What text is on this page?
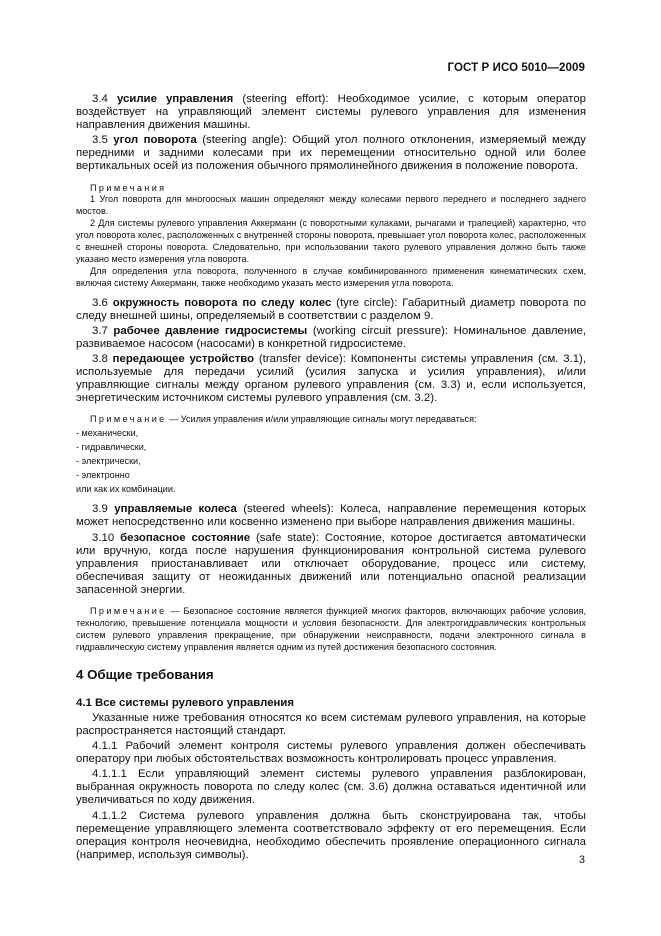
ГОСТ Р ИСО 5010—2009

3.4 усилие управления (steering effort): Необходимое усилие, с которым оператор воздействует на управляющий элемент системы рулевого управления для изменения направления движения машины.

3.5 угол поворота (steering angle): Общий угол полного отклонения, измеряемый между передними и задними колесами при их перемещении относительно одной или более вертикальных осей из положения обычного прямолинейного движения в положение поворота.

Примечания

1 Угол поворота для многоосных машин определяют между колесами первого переднего и последнего заднего мостов.

2 Для системы рулевого управления Аккерманн (с поворотными кулаками, рычагами и трапецией) характерно, что угол поворота колес, расположенных с внутренней стороны поворота, превышает угол поворота колес, расположенных с внешней стороны поворота. Следовательно, при использовании такого рулевого управления должно быть также указано место измерения угла поворота.

Для определения угла поворота, полученного в случае комбинированного применения кинематических схем, включая систему Аккерманн, также необходимо указать место измерения угла поворота.

3.6 окружность поворота по следу колес (tyre circle): Габаритный диаметр поворота по следу внешней шины, определяемый в соответствии с разделом 9.

3.7 рабочее давление гидросистемы (working circuit pressure): Номинальное давление, развиваемое насосом (насосами) в конкретной гидросистеме.

3.8 передающее устройство (transfer device): Компоненты системы управления (см. 3.1), используемые для передачи усилий (усилия запуска и усилия управления), и/или управляющие сигналы между органом рулевого управления (см. 3.3) и, если используется, энергетическим источником системы рулевого управления (см. 3.2).

Примечание — Усилия управления и/или управляющие сигналы могут передаваться:

- механически,

- гидравлически,

- электрически,

- электронно

или как их комбинации.

3.9 управляемые колеса (steered wheels): Колеса, направление перемещения которых может непосредственно или косвенно изменено при выборе направления движения машины.

3.10 безопасное состояние (safe state): Состояние, которое достигается автоматически или вручную, когда после нарушения функционирования контрольной система рулевого управления приостанавливает или отключает оборудование, процесс или систему, обеспечивая защиту от неожиданных движений или потенциально опасной реализации запасенной энергии.

Примечание — Безопасное состояние является функцией многих факторов, включающих рабочие условия, технологию, превышение потенциала мощности и условия безопасности. Для электрогидравлических контрольных систем рулевого управления прекращение, при обнаружении неисправности, подачи электронного сигнала в гидравлическую систему управления является одним из путей достижения безопасного состояния.

4 Общие требования
4.1 Все системы рулевого управления

Указанные ниже требования относятся ко всем системам рулевого управления, на которые распространяется настоящий стандарт.

4.1.1 Рабочий элемент контроля системы рулевого управления должен обеспечивать оператору при любых обстоятельствах возможность контролировать процесс управления.

4.1.1.1 Если управляющий элемент системы рулевого управления разблокирован, выбранная окружность поворота по следу колес (см. 3.6) должна оставаться идентичной или увеличиваться по ходу движения.

4.1.1.2 Система рулевого управления должна быть сконструирована так, чтобы перемещение управляющего элемента соответствовало эффекту от его перемещения. Если операция контроля неочевидна, необходимо обеспечить проявление операционного сигнала (например, используя символы).	3
